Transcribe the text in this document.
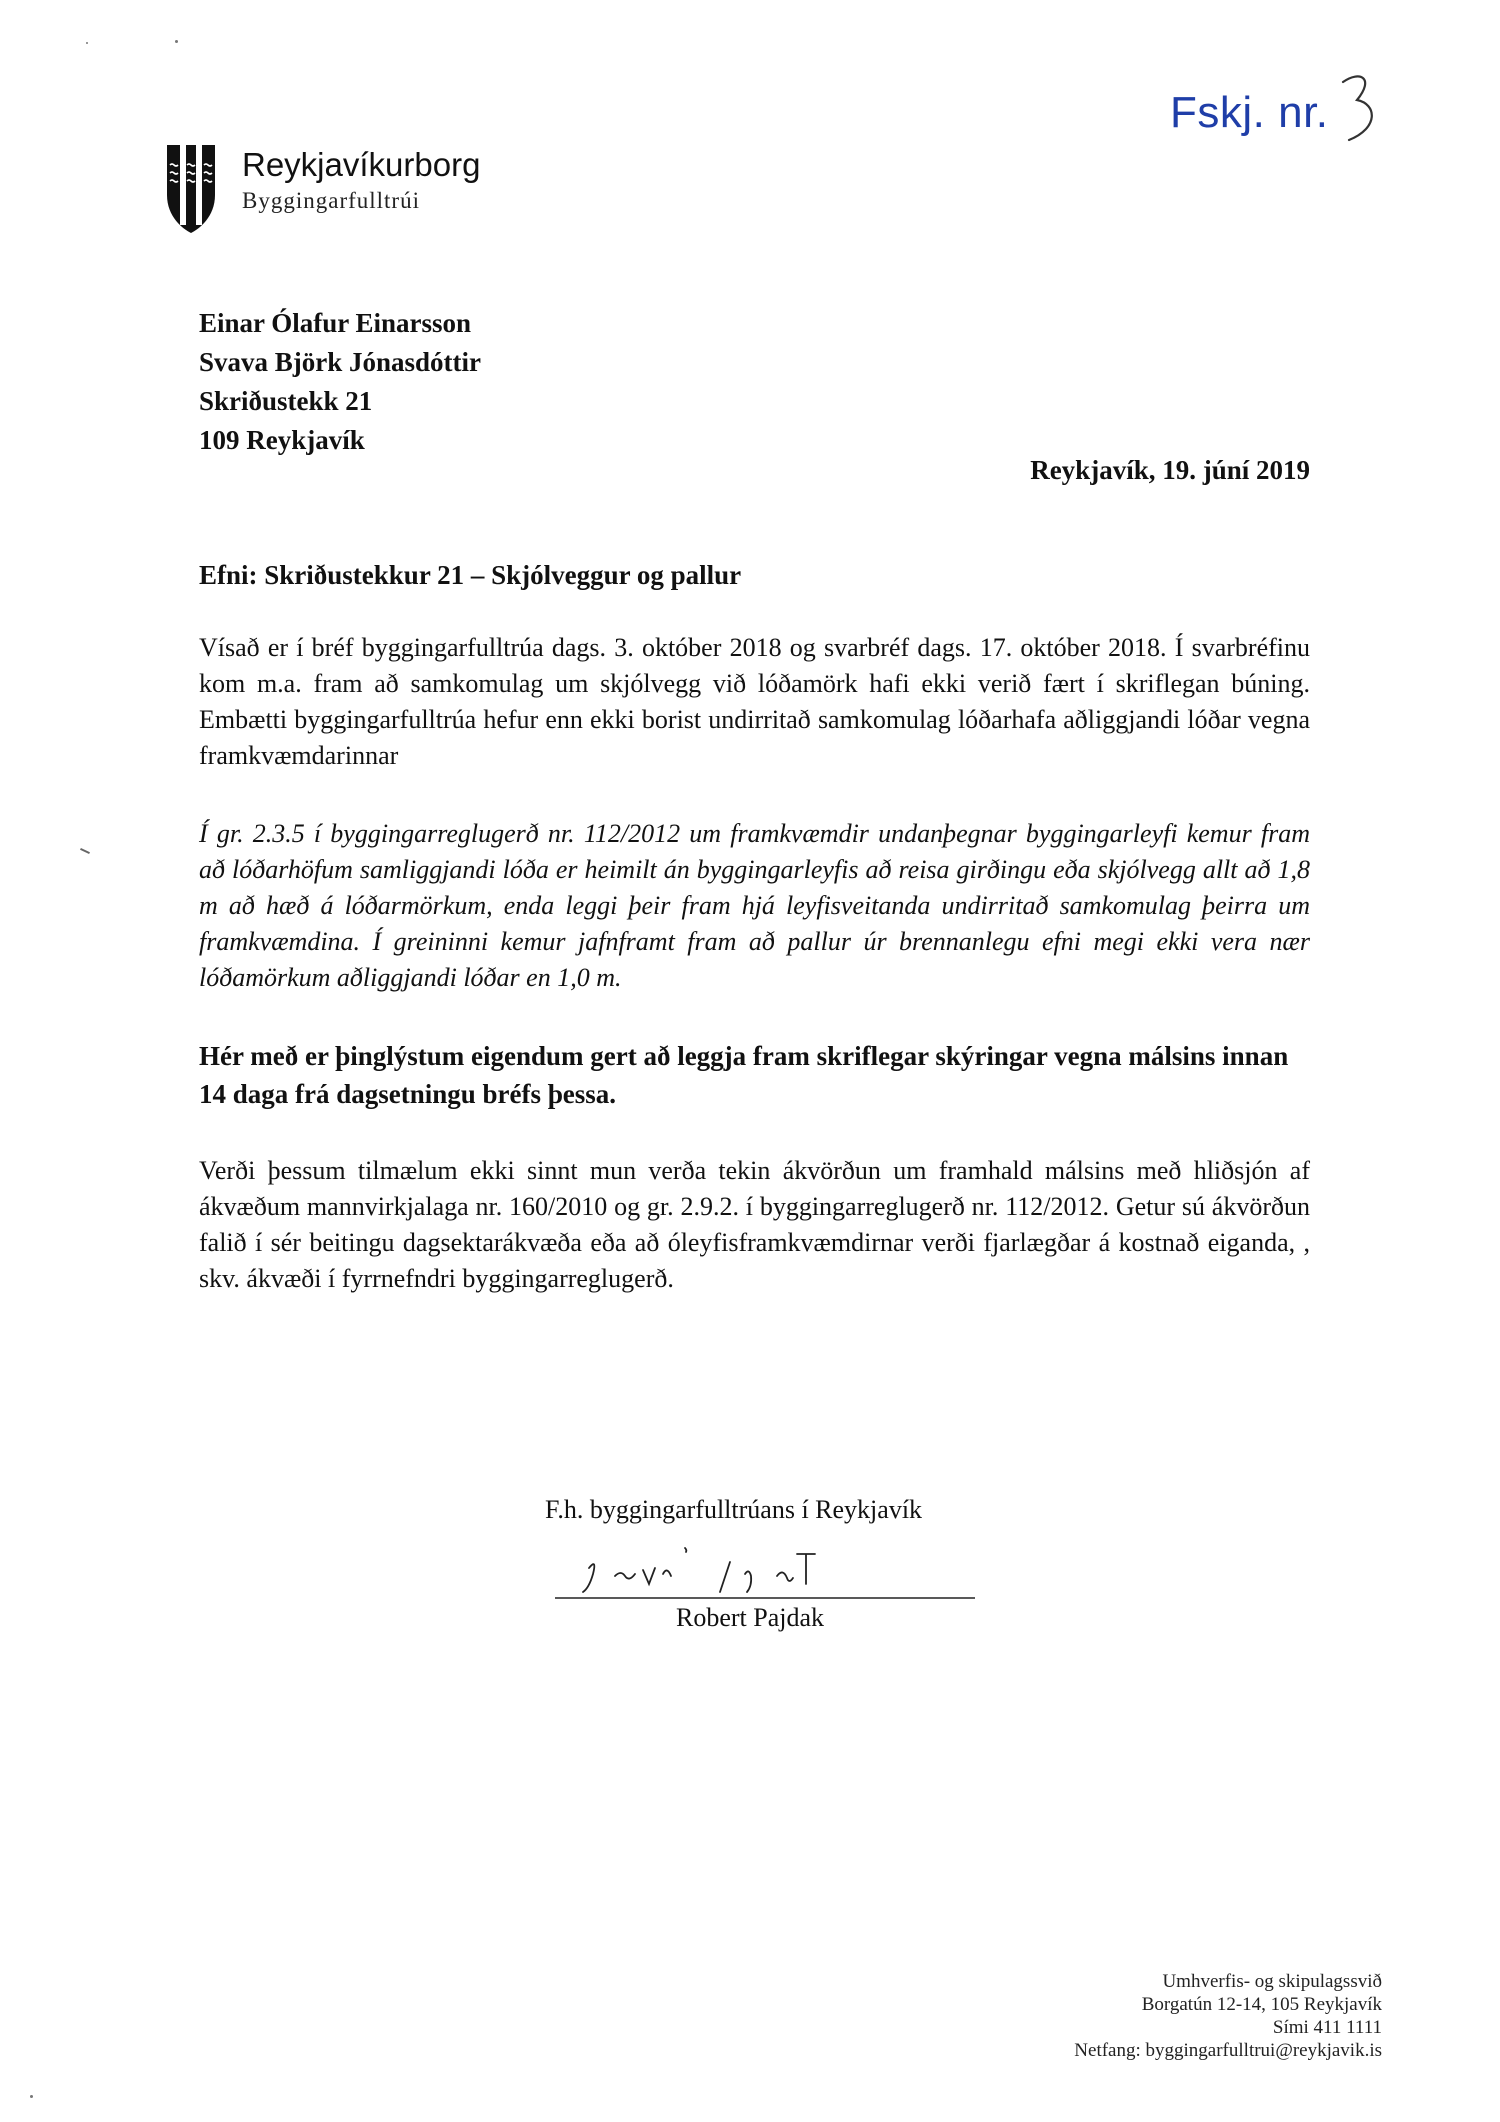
Fskj. nr.
Reykjavíkurborg
Byggingarfulltrúi
Einar Ólafur Einarsson
Svava Björk Jónasdóttir
Skriðustekk 21
109 Reykjavík
Reykjavík, 19. júní 2019
Efni: Skriðustekkur 21 – Skjólveggur og pallur
Vísað er í bréf byggingarfulltrúa dags. 3. október 2018 og svarbréf dags. 17. október 2018. Í svarbréfinu kom m.a. fram að samkomulag um skjólvegg við lóðamörk hafi ekki verið fært í skriflegan búning. Embætti byggingarfulltrúa hefur enn ekki borist undirritað samkomulag lóðarhafa aðliggjandi lóðar vegna framkvæmdarinnar
Í gr. 2.3.5 í byggingarreglugerð nr. 112/2012 um framkvæmdir undanþegnar byggingarleyfi kemur fram að lóðarhöfum samliggjandi lóða er heimilt án byggingarleyfis að reisa girðingu eða skjólvegg allt að 1,8 m að hæð á lóðarmörkum, enda leggi þeir fram hjá leyfisveitanda undirritað samkomulag þeirra um framkvæmdina. Í greininni kemur jafnframt fram að pallur úr brennanlegu efni megi ekki vera nær lóðamörkum aðliggjandi lóðar en 1,0 m.
Hér með er þinglýstum eigendum gert að leggja fram skriflegar skýringar vegna málsins innan 14 daga frá dagsetningu bréfs þessa.
Verði þessum tilmælum ekki sinnt mun verða tekin ákvörðun um framhald málsins með hliðsjón af ákvæðum mannvirkjalaga nr. 160/2010 og gr. 2.9.2. í byggingarreglugerð nr. 112/2012. Getur sú ákvörðun falið í sér beitingu dagsektarákvæða eða að óleyfisframkvæmdirnar verði fjarlægðar á kostnað eiganda, , skv. ákvæði í fyrrnefndri byggingarreglugerð.
F.h. byggingarfulltrúans í Reykjavík
Robert Pajdak
Umhverfis- og skipulagssvið
Borgatún 12-14, 105 Reykjavík
Sími 411 1111
Netfang: byggingarfulltrui@reykjavik.is
